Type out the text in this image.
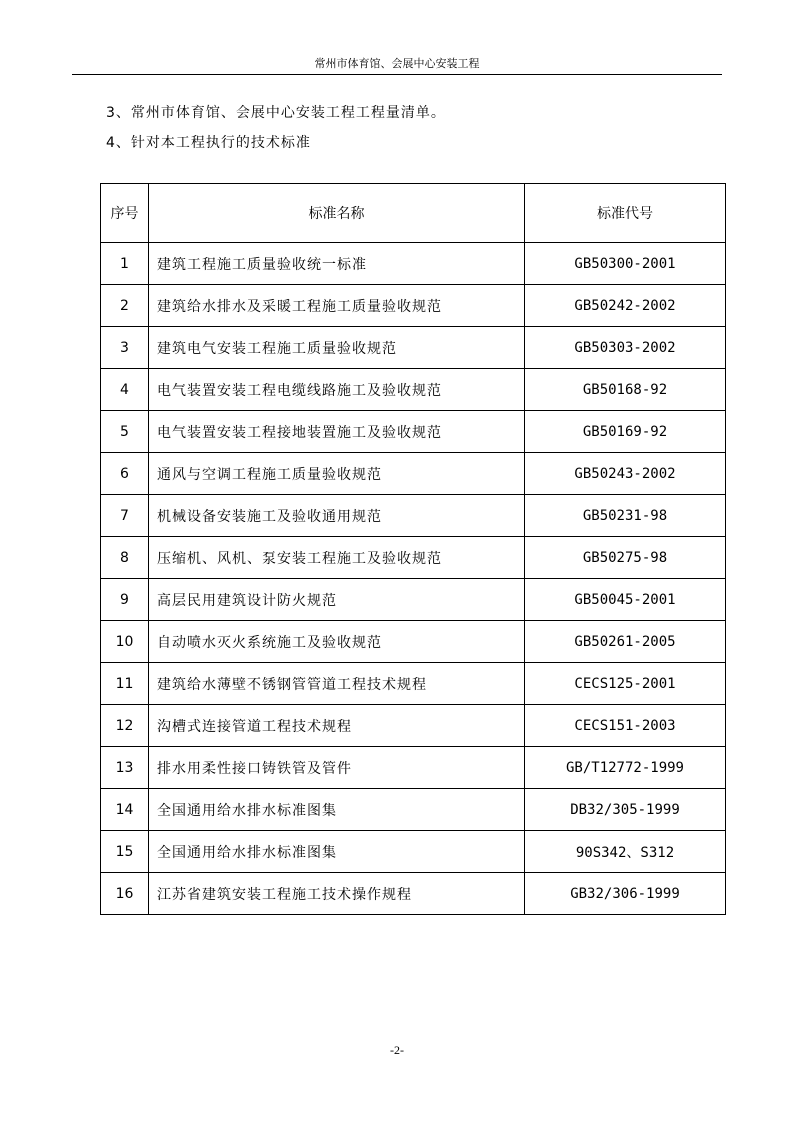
常州市体育馆、会展中心安装工程
3、常州市体育馆、会展中心安装工程工程量清单。
4、针对本工程执行的技术标准
序号	标准名称	标准代号
1	建筑工程施工质量验收统一标准	GB50300-2001
2	建筑给水排水及采暖工程施工质量验收规范	GB50242-2002
3	建筑电气安装工程施工质量验收规范	GB50303-2002
4	电气装置安装工程电缆线路施工及验收规范	GB50168-92
5	电气装置安装工程接地装置施工及验收规范	GB50169-92
6	通风与空调工程施工质量验收规范	GB50243-2002
7	机械设备安装施工及验收通用规范	GB50231-98
8	压缩机、风机、泵安装工程施工及验收规范	GB50275-98
9	高层民用建筑设计防火规范	GB50045-2001
10	自动喷水灭火系统施工及验收规范	GB50261-2005
11	建筑给水薄壁不锈钢管管道工程技术规程	CECS125-2001
12	沟槽式连接管道工程技术规程	CECS151-2003
13	排水用柔性接口铸铁管及管件	GB/T12772-1999
14	全国通用给水排水标准图集	DB32/305-1999
15	全国通用给水排水标准图集	90S342、S312
16	江苏省建筑安装工程施工技术操作规程	GB32/306-1999
-2-
